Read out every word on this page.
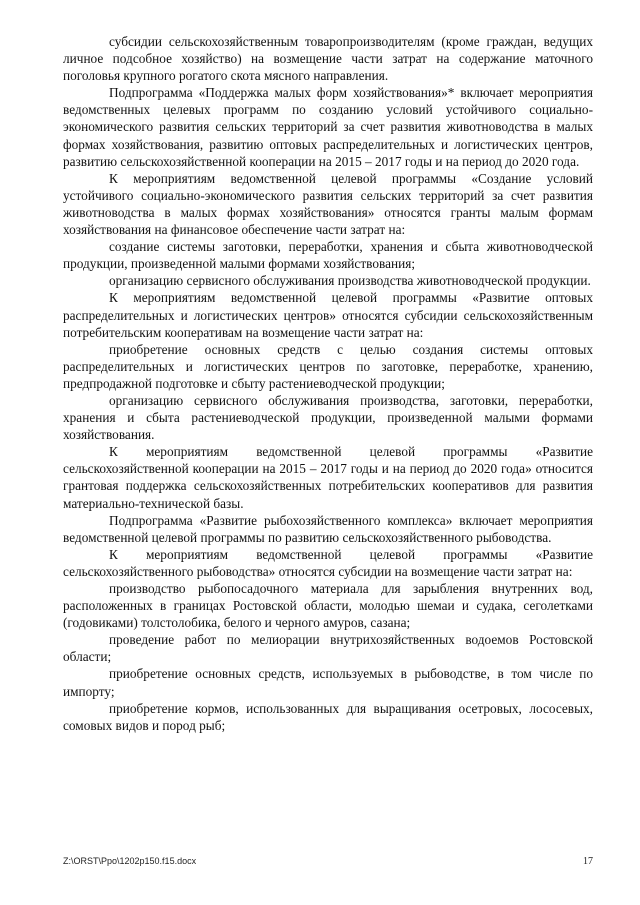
субсидии сельскохозяйственным товаропроизводителям (кроме граждан, ведущих личное подсобное хозяйство) на возмещение части затрат на содержание маточного поголовья крупного рогатого скота мясного направления.

Подпрограмма «Поддержка малых форм хозяйствования»* включает мероприятия ведомственных целевых программ по созданию условий устойчивого социально-экономического развития сельских территорий за счет развития животноводства в малых формах хозяйствования, развитию оптовых распределительных и логистических центров, развитию сельскохозяйственной кооперации на 2015 – 2017 годы и на период до 2020 года.

К мероприятиям ведомственной целевой программы «Создание условий устойчивого социально-экономического развития сельских территорий за счет развития животноводства в малых формах хозяйствования» относятся гранты малым формам хозяйствования на финансовое обеспечение части затрат на:

создание системы заготовки, переработки, хранения и сбыта животноводческой продукции, произведенной малыми формами хозяйствования;

организацию сервисного обслуживания производства животноводческой продукции.

К мероприятиям ведомственной целевой программы «Развитие оптовых распределительных и логистических центров» относятся субсидии сельскохозяйственным потребительским кооперативам на возмещение части затрат на:

приобретение основных средств с целью создания системы оптовых распределительных и логистических центров по заготовке, переработке, хранению, предпродажной подготовке и сбыту растениеводческой продукции;

организацию сервисного обслуживания производства, заготовки, переработки, хранения и сбыта растениеводческой продукции, произведенной малыми формами хозяйствования.

К мероприятиям ведомственной целевой программы «Развитие сельскохозяйственной кооперации на 2015 – 2017 годы и на период до 2020 года» относится грантовая поддержка сельскохозяйственных потребительских кооперативов для развития материально-технической базы.

Подпрограмма «Развитие рыбохозяйственного комплекса» включает мероприятия ведомственной целевой программы по развитию сельскохозяйственного рыбоводства.

К мероприятиям ведомственной целевой программы «Развитие сельскохозяйственного рыбоводства» относятся субсидии на возмещение части затрат на:

производство рыбопосадочного материала для зарыбления внутренних вод, расположенных в границах Ростовской области, молодью шемаи и судака, сеголетками (годовиками) толстолобика, белого и черного амуров, сазана;

проведение работ по мелиорации внутрихозяйственных водоемов Ростовской области;

приобретение основных средств, используемых в рыбоводстве, в том числе по импорту;

приобретение кормов, использованных для выращивания осетровых, лососевых, сомовых видов и пород рыб;

Z:\ORST\Ppo\1202p150.f15.docx	17
